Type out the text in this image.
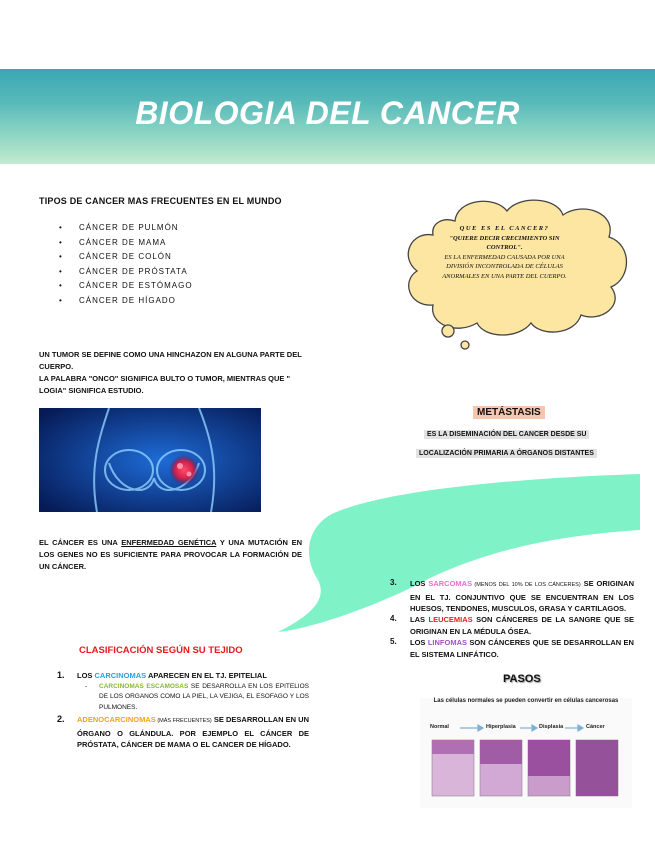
BIOLOGIA DEL CANCER
TIPOS DE CANCER MAS FRECUENTES EN EL MUNDO
• CÁNCER DE PULMÓN
• CÁNCER DE MAMA
• CÁNCER DE COLÓN
• CÁNCER DE PRÓSTATA
• CÁNCER DE ESTÓMAGO
• CÁNCER DE HÍGADO
QUE ES EL CANCER?
"QUIERE DECIR CRECIMIENTO SIN CONTROL".
ES LA ENFERMEDAD CAUSADA POR UNA DIVISIÓN INCONTROLADA DE CÉLULAS ANORMALES EN UNA PARTE DEL CUERPO.
UN TUMOR SE DEFINE COMO UNA HINCHAZON EN ALGUNA PARTE DEL CUERPO.
LA PALABRA "ONCO" SIGNIFICA BULTO O TUMOR, MIENTRAS QUE " LOGIA" SIGNIFICA ESTUDIO.
METÁSTASIS
ES LA DISEMINACIÓN DEL CANCER DESDE SU
LOCALIZACIÓN PRIMARIA A ÓRGANOS DISTANTES
EL CÁNCER ES UNA ENFERMEDAD GENÉTICA Y UNA MUTACIÓN EN LOS GENES NO ES SUFICIENTE PARA PROVOCAR LA FORMACIÓN DE UN CÁNCER.
CLASIFICACIÓN SEGÚN SU TEJIDO
1. LOS CARCINOMAS APARECEN EN EL TJ. EPITELIAL
- CARCINOMAS ESCAMOSAS SE DESARROLLA EN LOS EPITELIOS DE LOS ORGANOS COMO LA PIEL, LA VEJIGA, EL ESOFAGO Y LOS PULMONES.
2. ADENOCARCINOMAS (MÁS FRECUENTES) SE DESARROLLAN EN UN ÓRGANO O GLÁNDULA. POR EJEMPLO EL CÁNCER DE PRÓSTATA, CÁNCER DE MAMA O EL CANCER DE HÍGADO.
3. LOS SARCOMAS (MENOS DEL 10% DE LOS CÁNCERES) SE ORIGINAN EN EL TJ. CONJUNTIVO QUE SE ENCUENTRAN EN LOS HUESOS, TENDONES, MUSCULOS, GRASA Y CARTILAGOS.
4. LAS LEUCEMIAS SON CÁNCERES DE LA SANGRE QUE SE ORIGINAN EN LA MÉDULA ÓSEA.
5. LOS LINFOMAS SON CÁNCERES QUE SE DESARROLLAN EN EL SISTEMA LINFÁTICO.
PASOS
Las células normales se pueden convertir en células cancerosas
Normal	Hiperplasia	Displasia	Cáncer
